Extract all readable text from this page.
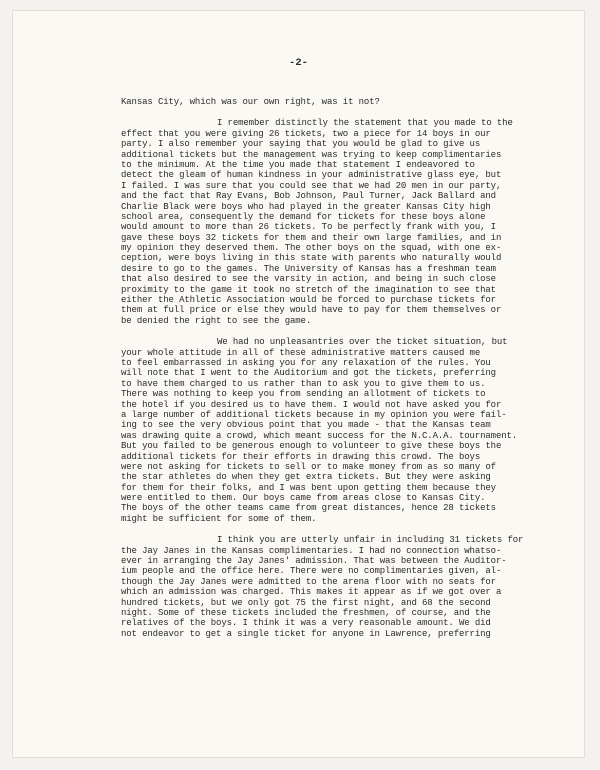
-2-
Kansas City, which was our own right, was it not?
I remember distinctly the statement that you made to the
effect that you were giving 26 tickets, two a piece for 14 boys in our
party. I also remember your saying that you would be glad to give us
additional tickets but the management was trying to keep complimentaries
to the minimum. At the time you made that statement I endeavored to
detect the gleam of human kindness in your administrative glass eye, but
I failed. I was sure that you could see that we had 20 men in our party,
and the fact that Ray Evans, Bob Johnson, Paul Turner, Jack Ballard and
Charlie Black were boys who had played in the greater Kansas City high
school area, consequently the demand for tickets for these boys alone
would amount to more than 26 tickets. To be perfectly frank with you, I
gave these boys 32 tickets for them and their own large families, and in
my opinion they deserved them. The other boys on the squad, with one ex-
ception, were boys living in this state with parents who naturally would
desire to go to the games. The University of Kansas has a freshman team
that also desired to see the varsity in action, and being in such close
proximity to the game it took no stretch of the imagination to see that
either the Athletic Association would be forced to purchase tickets for
them at full price or else they would have to pay for them themselves or
be denied the right to see the game.
We had no unpleasantries over the ticket situation, but
your whole attitude in all of these administrative matters caused me
to feel embarrassed in asking you for any relaxation of the rules. You
will note that I went to the Auditorium and got the tickets, preferring
to have them charged to us rather than to ask you to give them to us.
There was nothing to keep you from sending an allotment of tickets to
the hotel if you desired us to have them. I would not have asked you for
a large number of additional tickets because in my opinion you were fail-
ing to see the very obvious point that you made - that the Kansas team
was drawing quite a crowd, which meant success for the N.C.A.A. tournament.
But you failed to be generous enough to volunteer to give these boys the
additional tickets for their efforts in drawing this crowd. The boys
were not asking for tickets to sell or to make money from as so many of
the star athletes do when they get extra tickets. But they were asking
for them for their folks, and I was bent upon getting them because they
were entitled to them. Our boys came from areas close to Kansas City.
The boys of the other teams came from great distances, hence 28 tickets
might be sufficient for some of them.
I think you are utterly unfair in including 31 tickets for
the Jay Janes in the Kansas complimentaries. I had no connection whatso-
ever in arranging the Jay Janes' admission. That was between the Auditor-
ium people and the office here. There were no complimentaries given, al-
though the Jay Janes were admitted to the arena floor with no seats for
which an admission was charged. This makes it appear as if we got over a
hundred tickets, but we only got 75 the first night, and 68 the second
night. Some of these tickets included the freshmen, of course, and the
relatives of the boys. I think it was a very reasonable amount. We did
not endeavor to get a single ticket for anyone in Lawrence, preferring
